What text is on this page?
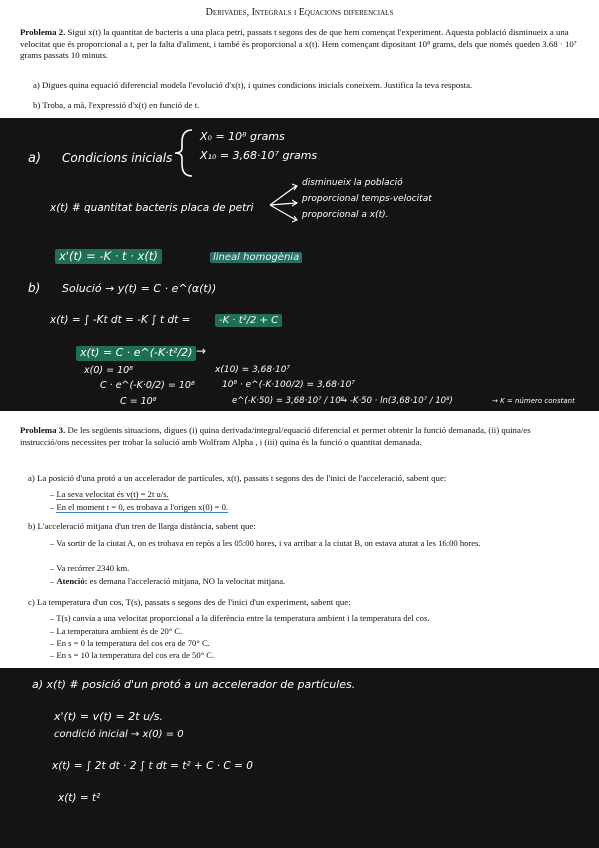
Derivades, Integrals i Equacions diferencials
Problema 2. Sigui x(t) la quantitat de bacteris a una placa petri, passats t segons des de que hem començat l'experiment. Aquesta població disminueix a una velocitat que és proporcional a t, per la falta d'aliment, i també és proporcional a x(t). Hem començant dipositant 10⁸ grams, dels que només queden 3.68 · 10⁷ grams passats 10 minuts.
a) Digues quina equació diferencial modela l'evolució d'x(t), i quines condicions inicials coneixem. Justifica la teva resposta.
b) Troba, a mà, l'expressió d'x(t) en funció de t.
a) Condicions inicials
X₀ = 10⁸ grams
X₁₀ = 3,68·10⁷ grams
x(t) # quantitat bacteris placa de petri
disminueix la població
proporcional temps-velocitat
proporcional a x(t).
x'(t) = -K · t · x(t)	lineal homogènia
b) Solució → y(t) = C · e^(α(t))
x(t) = ∫ -Kt dt = -K ∫ t dt =	-K · t²/2 + C
x(t) = C · e^(-K·t²/2) →
x(0) = 10⁸
C · e^(-K·0/2) = 10⁸
C = 10⁸
x(10) = 3,68·10⁷
10⁸ · e^(-K·100/2) = 3,68·10⁷
e^(-K·50) = 3,68·10⁷ / 10⁸
→ -K·50 · ln(3,68·10⁷ / 10⁸)	→ K = número constant
Problema 3. De les següents situacions, digues (i) quina derivada/integral/equació diferencial et permet obtenir la funció demanada, (ii) quina/es instrucció/ons necessites per trobar la solució amb Wolfram Alpha , i (iii) quina és la funció o quantitat demanada.
a) La posició d'una protó a un accelerador de partícules, x(t), passats t segons des de l'inici de l'acceleració, sabent que:
– La seva velocitat és v(t) = 2t u/s.
– En el moment t = 0, es trobava a l'origen x(0) = 0.
b) L'acceleració mitjana d'un tren de llarga distància, sabent que:
– Va sortir de la ciutat A, on es trobava en repòs a les 05:00 hores, i va arribar a la ciutat B, on estava aturat a les 16:00 hores.
– Va recórrer 2340 km.
– Atenció: es demana l'acceleració mitjana, NO la velocitat mitjana.
c) La temperatura d'un cos, T(s), passats s segons des de l'inici d'un experiment, sabent que:
– T(s) canvia a una velocitat proporcional a la diferència entre la temperatura ambient i la temperatura del cos.
– La temperatura ambient és de 20° C.
– En s = 0 la temperatura del cos era de 70° C.
– En s = 10 la temperatura del cos era de 50° C.
a) x(t) # posició d'un protó a un accelerador de partícules.
x'(t) = v(t) = 2t u/s.
condició inicial → x(0) = 0
x(t) = ∫ 2t dt · 2 ∫ t dt = t² + C · C = 0
x(t) = t²
